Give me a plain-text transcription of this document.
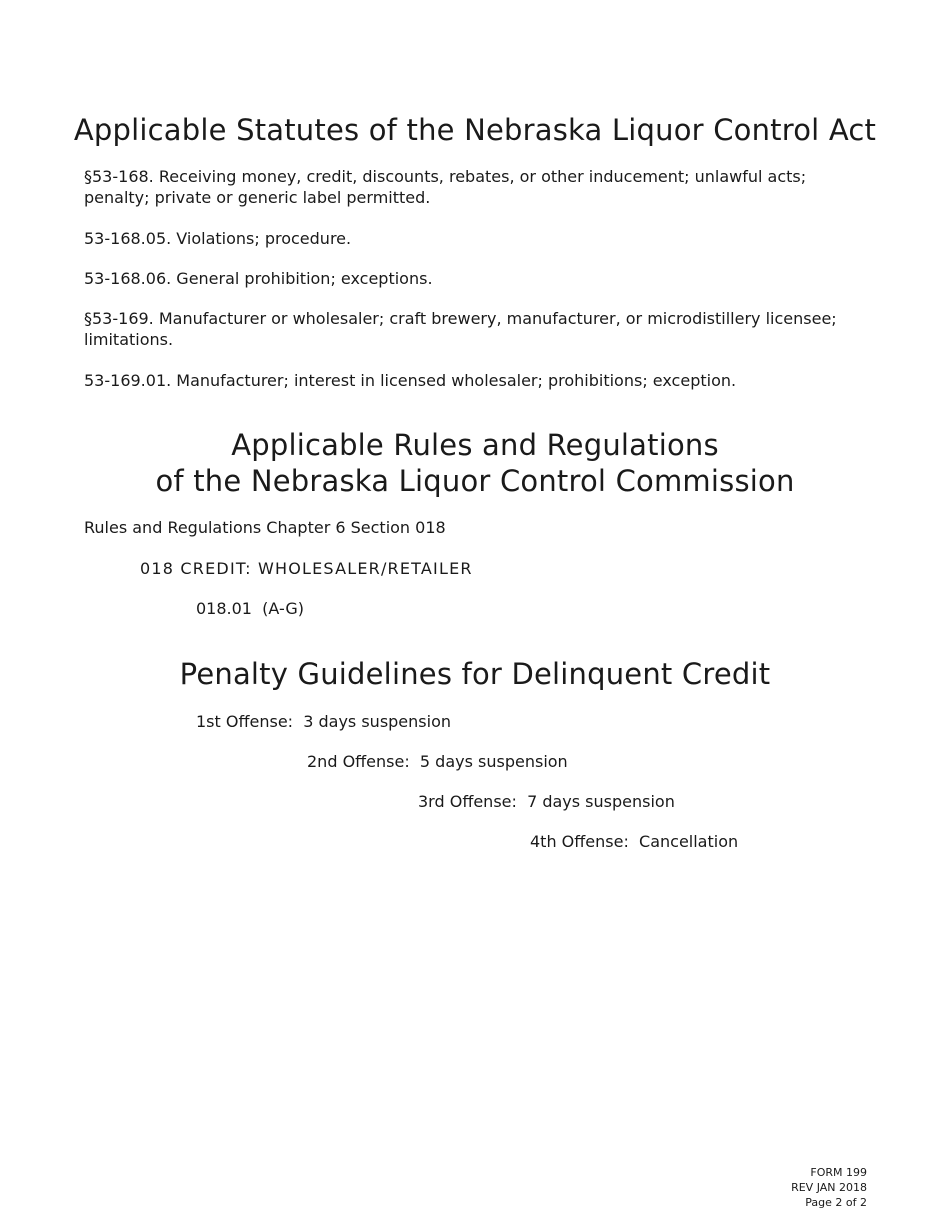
Applicable Statutes of the Nebraska Liquor Control Act

§53-168. Receiving money, credit, discounts, rebates, or other inducement; unlawful acts; penalty; private or generic label permitted.

53-168.05. Violations; procedure.

53-168.06. General prohibition; exceptions.

§53-169. Manufacturer or wholesaler; craft brewery, manufacturer, or microdistillery licensee; limitations.

53-169.01. Manufacturer; interest in licensed wholesaler; prohibitions; exception.

Applicable Rules and Regulations
of the Nebraska Liquor Control Commission

Rules and Regulations Chapter 6 Section 018

018 CREDIT: WHOLESALER/RETAILER

018.01  (A-G)

Penalty Guidelines for Delinquent Credit

1st Offense:  3 days suspension

2nd Offense:  5 days suspension

3rd Offense:  7 days suspension

4th Offense:  Cancellation

FORM 199
REV JAN 2018
Page 2 of 2
